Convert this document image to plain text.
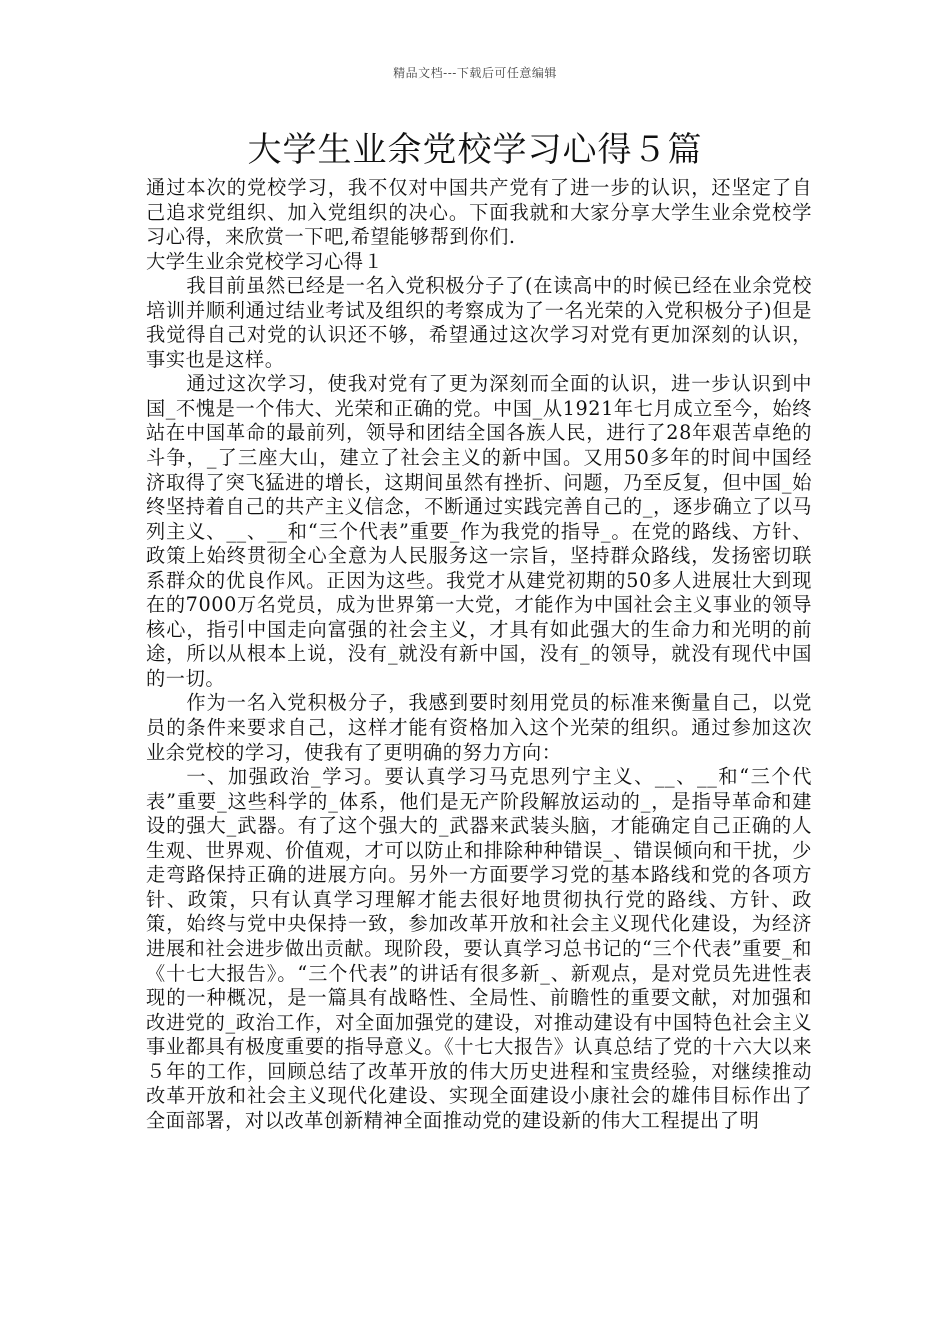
精品文档---下载后可任意编辑
大学生业余党校学习心得５篇

通过本次的党校学习，我不仅对中国共产党有了进一步的认识，还坚定了自己追求党组织、加入党组织的决心。下面我就和大家分享大学生业余党校学习心得，来欣赏一下吧,希望能够帮到你们.

大学生业余党校学习心得１

我目前虽然已经是一名入党积极分子了(在读高中的时候已经在业余党校培训并顺利通过结业考试及组织的考察成为了一名光荣的入党积极分子)但是我觉得自己对党的认识还不够，希望通过这次学习对党有更加深刻的认识，事实也是这样。

通过这次学习，使我对党有了更为深刻而全面的认识，进一步认识到中国_不愧是一个伟大、光荣和正确的党。中国_从1921年七月成立至今，始终站在中国革命的最前列，领导和团结全国各族人民，进行了28年艰苦卓绝的斗争，_了三座大山，建立了社会主义的新中国。又用50多年的时间中国经济取得了突飞猛进的增长，这期间虽然有挫折、问题，乃至反复，但中国_始终坚持着自己的共产主义信念，不断通过实践完善自己的_，逐步确立了以马列主义、__、__和“三个代表”重要_作为我党的指导_。在党的路线、方针、政策上始终贯彻全心全意为人民服务这一宗旨，坚持群众路线，发扬密切联系群众的优良作风。正因为这些。我党才从建党初期的50多人进展壮大到现在的7000万名党员，成为世界第一大党，才能作为中国社会主义事业的领导核心，指引中国走向富强的社会主义，才具有如此强大的生命力和光明的前途，所以从根本上说，没有_就没有新中国，没有_的领导，就没有现代中国的一切。

作为一名入党积极分子，我感到要时刻用党员的标准来衡量自己，以党员的条件来要求自己，这样才能有资格加入这个光荣的组织。通过参加这次业余党校的学习，使我有了更明确的努力方向：

一、加强政治_学习。要认真学习马克思列宁主义、__、__和“三个代表”重要_这些科学的_体系，他们是无产阶段解放运动的_，是指导革命和建设的强大_武器。有了这个强大的_武器来武装头脑，才能确定自己正确的人生观、世界观、价值观，才可以防止和排除种种错误_、错误倾向和干扰，少走弯路保持正确的进展方向。另外一方面要学习党的基本路线和党的各项方针、政策，只有认真学习理解才能去很好地贯彻执行党的路线、方针、政策，始终与党中央保持一致，参加改革开放和社会主义现代化建设，为经济进展和社会进步做出贡献。现阶段，要认真学习总书记的“三个代表”重要_和《十七大报告》。“三个代表”的讲话有很多新_、新观点，是对党员先进性表现的一种概况，是一篇具有战略性、全局性、前瞻性的重要文献，对加强和改进党的_政治工作，对全面加强党的建设，对推动建设有中国特色社会主义事业都具有极度重要的指导意义。《十七大报告》认真总结了党的十六大以来５年的工作，回顾总结了改革开放的伟大历史进程和宝贵经验，对继续推动改革开放和社会主义现代化建设、实现全面建设小康社会的雄伟目标作出了全面部署，对以改革创新精神全面推动党的建设新的伟大工程提出了明
